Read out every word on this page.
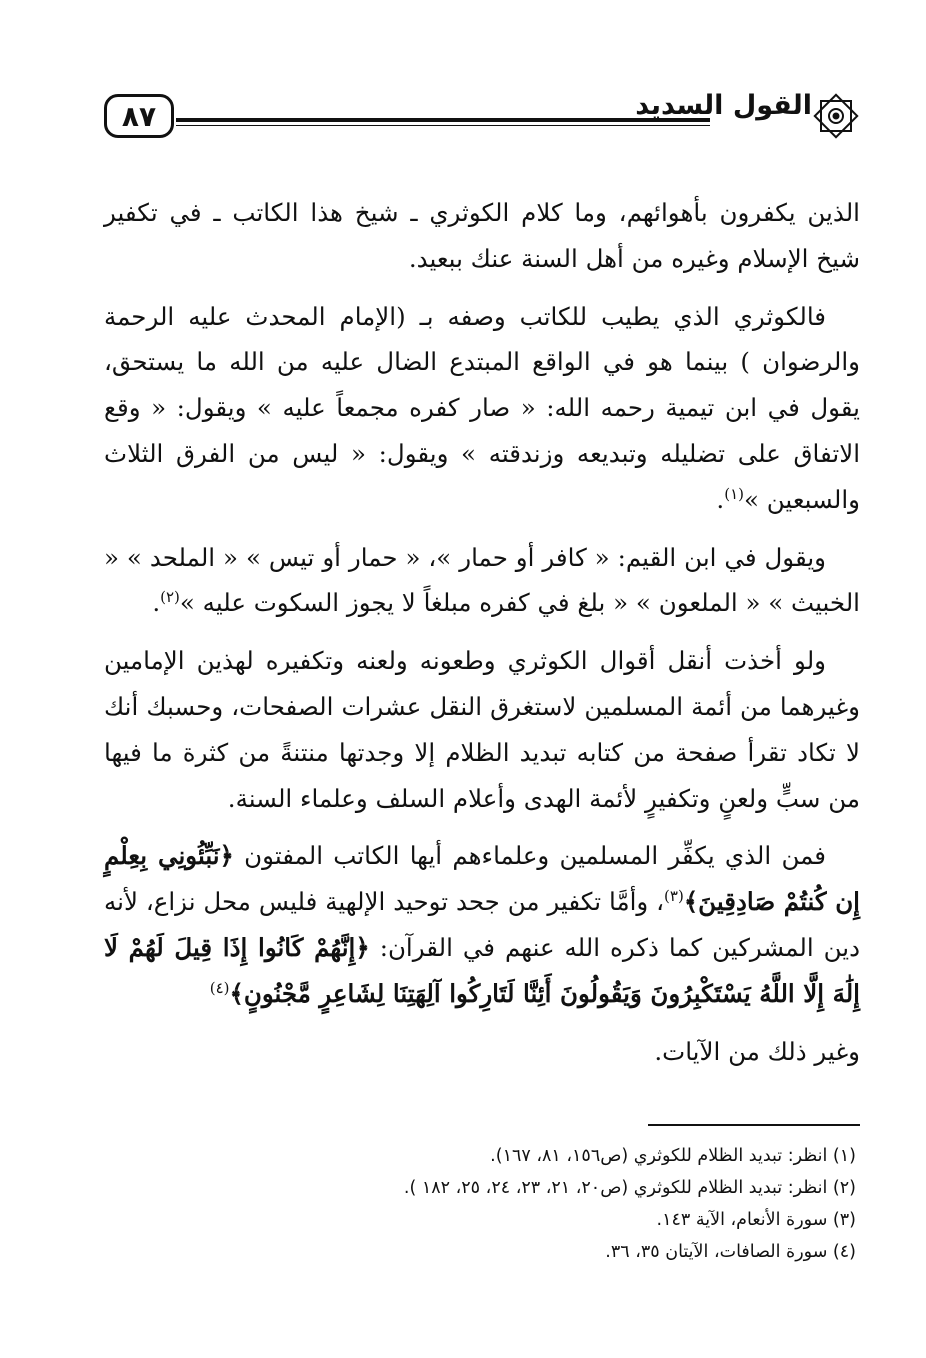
٨٧	القول السديد

الذين يكفرون بأهوائهم، وما كلام الكوثري ـ شيخ هذا الكاتب ـ في تكفير شيخ الإسلام وغيره من أهل السنة عنك ببعيد.

فالكوثري الذي يطيب للكاتب وصفه بـ (الإمام المحدث عليه الرحمة والرضوان ) بينما هو في الواقع المبتدع الضال عليه من الله ما يستحق، يقول في ابن تيمية رحمه الله: « صار كفره مجمعاً عليه » ويقول: « وقع الاتفاق على تضليله وتبديعه وزندقته » ويقول: « ليس من الفرق الثلاث والسبعين »$^{(١)}$.

ويقول في ابن القيم: « كافر أو حمار »، « حمار أو تيس » « الملحد » « الخبيث » « الملعون » « بلغ في كفره مبلغاً لا يجوز السكوت عليه »$^{(٢)}$.

ولو أخذت أنقل أقوال الكوثري وطعونه ولعنه وتكفيره لهذين الإمامين وغيرهما من أئمة المسلمين لاستغرق النقل عشرات الصفحات، وحسبك أنك لا تكاد تقرأ صفحة من كتابه تبديد الظلام إلا وجدتها منتنةً من كثرة ما فيها من سبٍّ ولعنٍ وتكفيرٍ لأئمة الهدى وأعلام السلف وعلماء السنة.

فمن الذي يكفِّر المسلمين وعلماءهم أيها الكاتب المفتون ﴿نَبِّئُونِي بِعِلْمٍ إِن كُنتُمْ صَادِقِينَ﴾$^{(٣)}$، وأمَّا تكفير من جحد توحيد الإلهية فليس محل نزاع، لأنه دين المشركين كما ذكره الله عنهم في القرآن: ﴿إِنَّهُمْ كَانُوا إِذَا قِيلَ لَهُمْ لَا إِلَٰهَ إِلَّا اللَّهُ يَسْتَكْبِرُونَ وَيَقُولُونَ أَئِنَّا لَتَارِكُوا آلِهَتِنَا لِشَاعِرٍ مَّجْنُونٍ﴾$^{(٤)}$

وغير ذلك من الآيات.

(١) انظر: تبديد الظلام للكوثري (ص١٥٦، ٨١، ١٦٧).
(٢) انظر: تبديد الظلام للكوثري (ص٢٠، ٢١، ٢٣، ٢٤، ٢٥، ١٨٢ ).
(٣) سورة الأنعام، الآية ١٤٣.
(٤) سورة الصافات، الآيتان ٣٥، ٣٦.
